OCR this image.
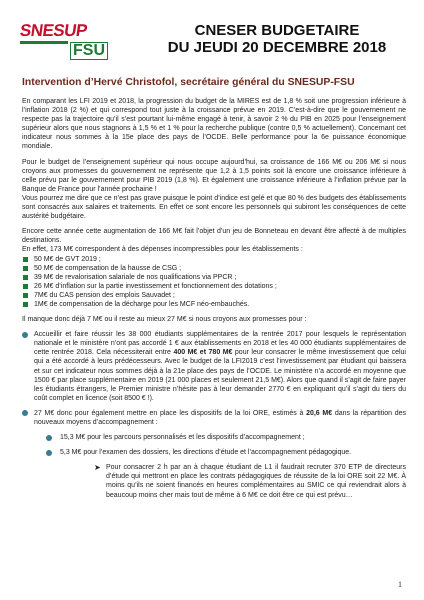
SNESUP
FSU
CNESER BUDGETAIRE
DU JEUDI 20 DECEMBRE 2018
Intervention d’Hervé Christofol, secrétaire général du SNESUP-FSU

En comparant les LFI 2019 et 2018, la progression du budget de la MIRES est de 1,8 % soit une progression inférieure à l’inflation 2018 (2 %) et qui correspond tout juste à la croissance prévue en 2019. C’est-à-dire que le gouvernement ne respecte pas la trajectoire qu’il s’est pourtant lui-même engagé à tenir, à savoir 2 % du PIB en 2025 pour l’enseignement supérieur alors que nous stagnons à 1,5 % et 1 % pour la recherche publique (contre 0,5 % actuellement). Concernant cet indicateur nous sommes à la 15e place des pays de l’OCDE. Belle performance pour la 6e puissance économique mondiale.

Pour le budget de l’enseignement supérieur qui nous occupe aujourd’hui, sa croissance de 166 M€ ou 206 M€ si nous croyons aux promesses du gouvernement ne représente que 1,2 à 1,5 points soit là encore une croissance inférieure à celle prévu par le gouvernement pour PIB 2019 (1,8 %). Et également une croissance inférieure à l’inflation prévue par la Banque de France pour l’année prochaine !

Vous pourrez me dire que ce n’est pas grave puisque le point d’indice est gelé et que 80 % des budgets des établissements sont consacrés aux salaires et traitements. En effet ce sont encore les personnels qui subiront les conséquences de cette austérité budgétaire.

Encore cette année cette augmentation de 166 M€ fait l’objet d’un jeu de Bonneteau en devant être affecté à de multiples destinations.

En effet, 173 M€ correspondent à des dépenses incompressibles pour les établissements :

50 M€ de GVT 2019 ;
50 M€ de compensation de la hausse de CSG ;
39 M€ de revalorisation salariale de nos qualifications via PPCR ;
26 M€ d’inflation sur la partie investissement et fonctionnement des dotations ;
7M€ du CAS pension des emplois Sauvadet ;
1M€ de compensation de la décharge pour les MCF néo-embauchés.

Il manque donc déjà 7 M€ ou il reste au mieux 27 M€ si nous croyons aux promesses pour :

Accueillir et faire réussir les 38 000 étudiants supplémentaires de la rentrée 2017 pour lesquels le représentation nationale et le ministère n’ont pas accordé 1 € aux établissements en 2018 et les 40 000 étudiants supplémentaires de cette rentrée 2018. Cela nécessiterait entre 400 M€ et 780 M€ pour leur consacrer le même investissement que celui qui a été accordé à leurs prédécesseurs. Avec le budget de la LFI2019 c’est l’investissement par étudiant qui baissera et sur cet indicateur nous sommes déjà à la 21e place des pays de l’OCDE. Le ministère n’a accordé en moyenne que 1500 € par place supplémentaire en 2019 (21 000 places et seulement 21,5 M€). Alors que quand il s’agit de faire payer les étudiants étrangers, le Premier ministre n’hésite pas à leur demander 2770 € en expliquant qu’il s’agit du tiers du coût complet en licence (soit 8500 € !).
27 M€ donc pour également mettre en place les dispositifs de la loi ORE, estimés à 20,6 M€ dans la répartition des nouveaux moyens d’accompagnement :
15,3 M€ pour les parcours personnalisés et les dispositifs d’accompagnement ;
5,3 M€ pour l’examen des dossiers, les directions d’étude et l’accompagnement pédagogique.
➤ Pour consacrer 2 h par an à chaque étudiant de L1 il faudrait recruter 370 ETP de directeurs d’étude qui mettront en place les contrats pédagogiques de réussite de la loi ORE soit 22 M€. À moins qu’ils ne soient financés en heures complémentaires au SMIC ce qui reviendrait alors à beaucoup moins cher mais tout de même à 6 M€ ce doit être ce qui est prévu…
1
